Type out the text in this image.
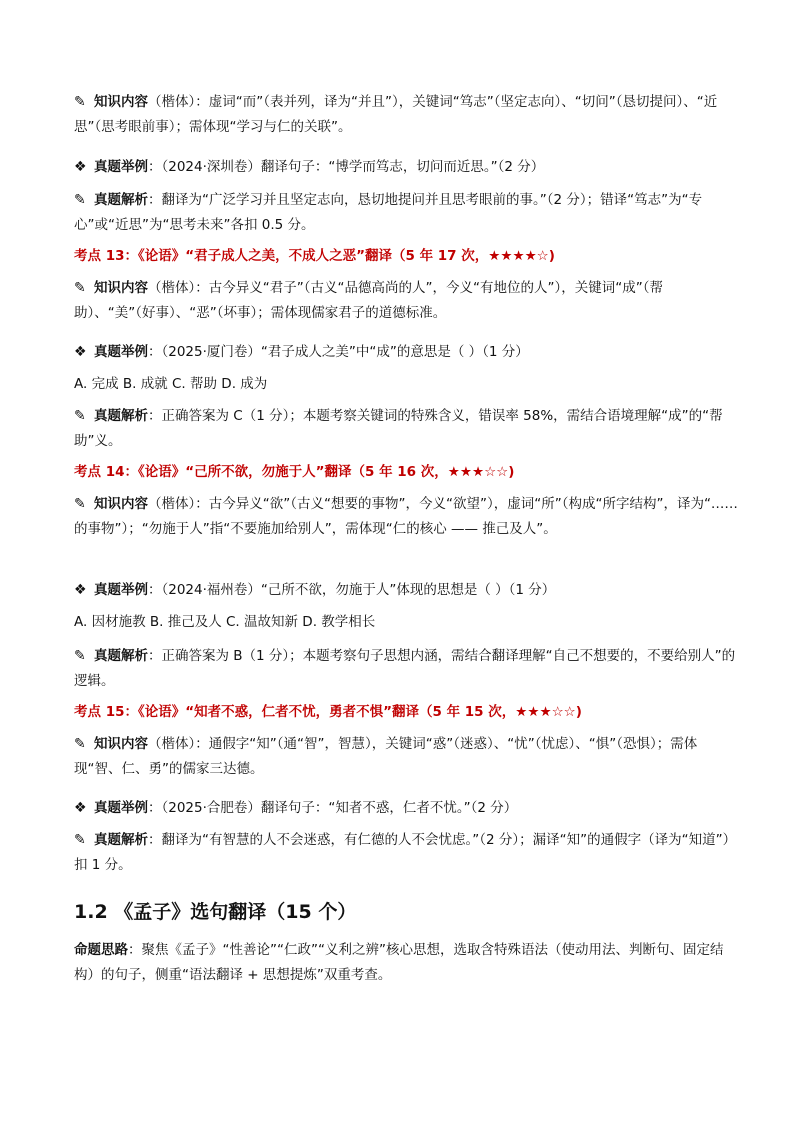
✎ 知识内容（楷体）：虚词“而”（表并列，译为“并且”），关键词“笃志”（坚定志向）、“切问”（恳切提问）、“近思”（思考眼前事）；需体现“学习与仁的关联”。
❖ 真题举例：（2024·深圳卷）翻译句子：“博学而笃志，切问而近思。”（2 分）
✎ 真题解析：翻译为“广泛学习并且坚定志向，恳切地提问并且思考眼前的事。”（2 分）；错译“笃志”为“专心”或“近思”为“思考未来”各扣 0.5 分。
考点 13：《论语》“君子成人之美，不成人之恶”翻译（5 年 17 次，★★★★☆)
✎ 知识内容（楷体）：古今异义“君子”（古义“品德高尚的人”，今义“有地位的人”），关键词“成”（帮助）、“美”（好事）、“恶”（坏事）；需体现儒家君子的道德标准。
❖ 真题举例：（2025·厦门卷）“君子成人之美”中“成”的意思是（ ）（1 分）
A. 完成 B. 成就 C. 帮助 D. 成为
✎ 真题解析：正确答案为 C（1 分）；本题考察关键词的特殊含义，错误率 58%，需结合语境理解“成”的“帮助”义。
考点 14：《论语》“己所不欲，勿施于人”翻译（5 年 16 次，★★★☆☆)
✎ 知识内容（楷体）：古今异义“欲”（古义“想要的事物”，今义“欲望”），虚词“所”（构成“所字结构”，译为“…… 的事物”）；“勿施于人”指“不要施加给别人”，需体现“仁的核心 —— 推己及人”。
❖ 真题举例：（2024·福州卷）“己所不欲，勿施于人”体现的思想是（ ）（1 分）
A. 因材施教 B. 推己及人 C. 温故知新 D. 教学相长
✎ 真题解析：正确答案为 B（1 分）；本题考察句子思想内涵，需结合翻译理解“自己不想要的，不要给别人”的逻辑。
考点 15：《论语》“知者不惑，仁者不忧，勇者不惧”翻译（5 年 15 次，★★★☆☆)
✎ 知识内容（楷体）：通假字“知”（通“智”，智慧），关键词“惑”（迷惑）、“忧”（忧虑）、“惧”（恐惧）；需体现“智、仁、勇”的儒家三达德。
❖ 真题举例：（2025·合肥卷）翻译句子：“知者不惑，仁者不忧。”（2 分）
✎ 真题解析：翻译为“有智慧的人不会迷惑，有仁德的人不会忧虑。”（2 分）；漏译“知”的通假字（译为“知道”）扣 1 分。
1.2 《孟子》选句翻译（15 个）
命题思路：聚焦《孟子》“性善论”“仁政”“义利之辨”核心思想，选取含特殊语法（使动用法、判断句、固定结构）的句子，侧重“语法翻译 + 思想提炼”双重考查。
